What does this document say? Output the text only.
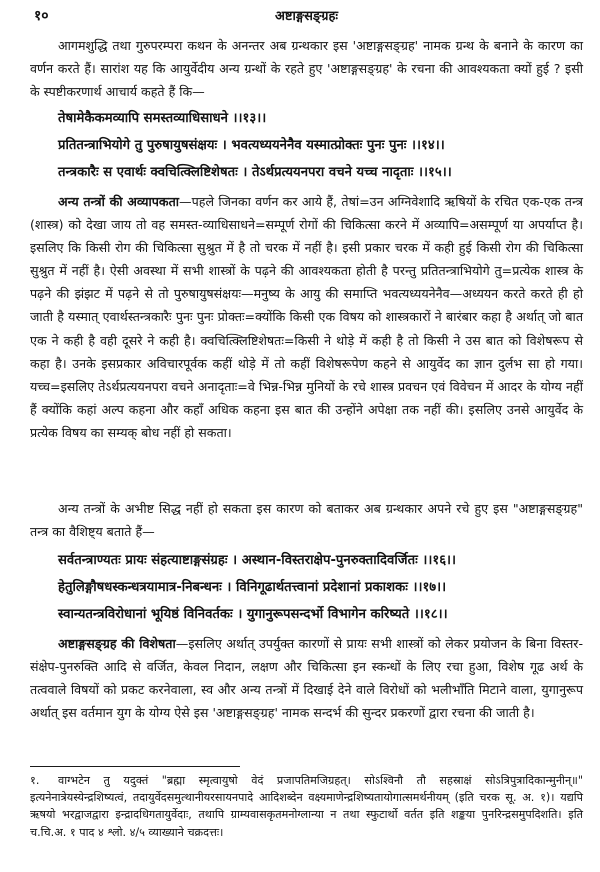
१०	अष्टाङ्गसङ्ग्रहः

आगमशुद्धि तथा गुरुपरम्परा कथन के अनन्तर अब ग्रन्थकार इस 'अष्टाङ्गसङ्ग्रह' नामक ग्रन्थ के बनाने के कारण का वर्णन करते हैं। सारांश यह कि आयुर्वेदीय अन्य ग्रन्थों के रहते हुए 'अष्टाङ्गसङ्ग्रह' के रचना की आवश्यकता क्यों हुई ? इसी के स्पष्टीकरणार्थ आचार्य कहते हैं कि—

तेषामेकैकमव्यापि समस्तव्याधिसाधने ।।१३।।
प्रतितन्त्राभियोगे तु पुरुषायुषसंक्षयः । भवत्यध्ययनेनैव यस्मात्प्रोक्तः पुनः पुनः ।।१४।।
तन्त्रकारैः स एवार्थः क्वचित्क्लिष्टिशेषतः । तेऽर्थप्रत्ययनपरा वचने यच्च नादृताः ।।१५।।

अन्य तन्त्रों की अव्यापकता—पहले जिनका वर्णन कर आये हैं, तेषां=उन अग्निवेशादि ऋषियों के रचित एक-एक तन्त्र (शास्त्र) को देखा जाय तो वह समस्त-व्याधिसाधने=सम्पूर्ण रोगों की चिकित्सा करने में अव्यापि=असम्पूर्ण या अपर्याप्त है। इसलिए कि किसी रोग की चिकित्सा सुश्रुत में है तो चरक में नहीं है। इसी प्रकार चरक में कही हुई किसी रोग की चिकित्सा सुश्रुत में नहीं है। ऐसी अवस्था में सभी शास्त्रों के पढ़ने की आवश्यकता होती है परन्तु प्रतितन्त्राभियोगे तु=प्रत्येक शास्त्र के पढ़ने की झंझट में पढ़ने से तो पुरुषायुषसंक्षयः—मनुष्य के आयु की समाप्ति भवत्यध्ययनेनैव—अध्ययन करते करते ही हो जाती है यस्मात् एवार्थस्तन्त्रकारैः पुनः पुनः प्रोक्तः=क्योंकि किसी एक विषय को शास्त्रकारों ने बारंबार कहा है अर्थात् जो बात एक ने कही है वही दूसरे ने कही है। क्वचित्क्लिष्टिशेषतः=किसी ने थोड़े में कही है तो किसी ने उस बात को विशेषरूप से कहा है। उनके इसप्रकार अविचारपूर्वक कहीं थोड़े में तो कहीं विशेषरूपेण कहने से आयुर्वेद का ज्ञान दुर्लभ सा हो गया। यच्च=इसलिए तेऽर्थप्रत्ययनपरा वचने अनादृताः=वे भिन्न-भिन्न मुनियों के रचे शास्त्र प्रवचन एवं विवेचन में आदर के योग्य नहीं हैं क्योंकि कहां अल्प कहना और कहाँ अधिक कहना इस बात की उन्होंने अपेक्षा तक नहीं की। इसलिए उनसे आयुर्वेद के प्रत्येक विषय का सम्यक् बोध नहीं हो सकता।

अन्य तन्त्रों के अभीष्ट सिद्ध नहीं हो सकता इस कारण को बताकर अब ग्रन्थकार अपने रचे हुए इस "अष्टाङ्गसङ्ग्रह" तन्त्र का वैशिष्ट्य बताते हैं—

सर्वतन्त्राण्यतः प्रायः संहत्याष्टाङ्गसंग्रहः । अस्थान-विस्तराक्षेप-पुनरुक्तादिवर्जितः ।।१६।।
हेतुलिङ्गौषधस्कन्धत्रयामात्र-निबन्धनः । विनिगूढार्थतत्त्वानां प्रदेशानां प्रकाशकः ।।१७।।
स्वान्यतन्त्रविरोधानां भूयिष्ठं विनिवर्तकः । युगानुरूपसन्दर्भो विभागेन करिष्यते ।।१८।।

अष्टाङ्गसङ्ग्रह की विशेषता—इसलिए अर्थात् उपर्युक्त कारणों से प्रायः सभी शास्त्रों को लेकर प्रयोजन के बिना विस्तर-संक्षेप-पुनरुक्ति आदि से वर्जित, केवल निदान, लक्षण और चिकित्सा इन स्कन्धों के लिए रचा हुआ, विशेष गूढ अर्थ के तत्ववाले विषयों को प्रकट करनेवाला, स्व और अन्य तन्त्रों में दिखाई देने वाले विरोधों को भलीभाँति मिटाने वाला, युगानुरूप अर्थात् इस वर्तमान युग के योग्य ऐसे इस 'अष्टाङ्गसङ्ग्रह' नामक सन्दर्भ की सुन्दर प्रकरणों द्वारा रचना की जाती है।

१. वाग्भटेन तु यदुक्तं "ब्रह्मा स्मृत्वायुषो वेदं प्रजापतिमजिग्रहत्। सोऽश्विनौ तौ सहस्राक्षं सोऽत्रिपुत्रादिकान्मुनीन्॥" इत्यनेनात्रेयस्येन्द्रशिष्यत्वं, तदायुर्वेदसमुत्थानीयरसायनपादे आदिशब्देन वक्ष्यमाणेन्द्रशिष्यतायोगात्समर्थनीयम् (इति चरक सू. अ. १)। यद्यपि ऋषयो भरद्वाजद्वारा इन्द्रादधिगतायुर्वेदाः, तथापि ग्राम्यवासकृतमनोग्लान्या न तथा स्फुटार्थो वर्तत इति शङ्कया पुनरिन्द्रसमुपदिशति। इति च.चि.अ. १ पाद ४ श्लो. ४/५ व्याख्याने चक्रदत्तः।
